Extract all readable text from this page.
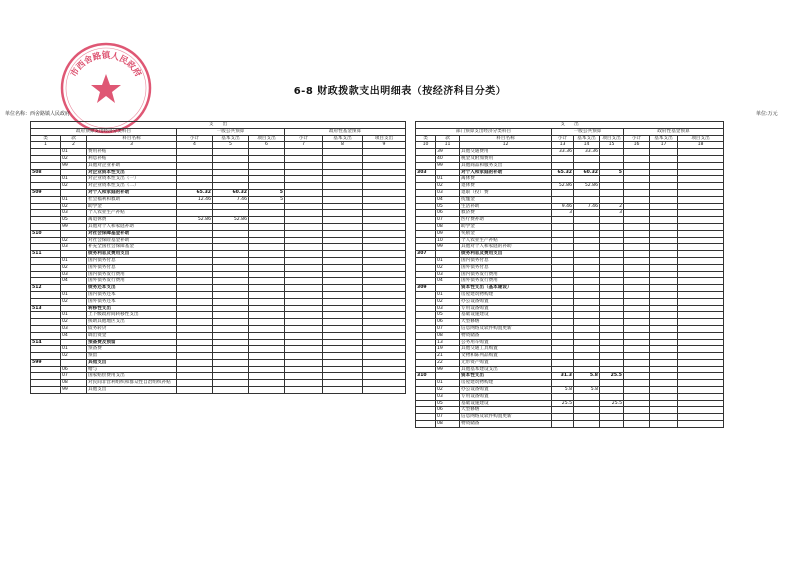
市西舍路镇人民政府
6-8 财政拨款支出明细表（按经济科目分类）
单位名称：西舍路镇人民政府	单位:万元
支　　出								
政府预算支出经济分类科目			一般公共预算			政府性基金预算		

类	款	科目名称	小计	基本支出	项目支出	小计	基本支出	项目支出
1	2	3	4	5	6	7	8	9
	01	费用补贴						
	02	利息补贴						
	99	其他对企业补助						
508		对企业资本性支出						
	01	对企业资本性支出（一）						
	02	对企业资本性支出（二）						
509		对个人和家庭的补助	65.32	60.32	5			
	01	社会福利和救助	12.46	7.46	5			
	02	助学金						
	03	个人农业生产补贴						
	05	离退休费	52.86	52.86				
	99	其他对个人和家庭补助						
510		对社会保障基金补助						
	02	对社会保险基金补助						
	03	补充全国社会保障基金						
511		债务利息及费用支出						
	01	国内债务付息						
	02	国外债务付息						
	03	国内债务发行费用						
	04	国外债务发行费用						
512		债务还本支出						
	01	国内债务还本						
	02	国外债务还本						
513		转移性支出						
	01	上下级政府间转移性支出						
	02	援助其他地区支出						
	03	债务转贷						
	04	调出资金						
514		预备费及预留						
	01	预备费						
	02	预留						
599		其他支出						
	06	赠与						
	07	国家赔偿费用支出						
	08	对民间非营利组织和群众性自治组织补贴						
	99	其他支出						
支　　出								
部门预算支出经济分类科目			一般公共预算			政府性基金预算		

类	款	科目名称	小计	基本支出	项目支出	小计	基本支出	项目支出
10	11	12	13	14	15	16	17	18
	39	其他交通费用	33.36	33.36				
	40	税金及附加费用						
	99	其他商品和服务支出						
303		对个人和家庭的补助	65.32	60.32	5			
	01	离休费						
	02	退休费	52.86	52.86				
	03	退职（役）费						
	04	抚恤金						
	05	生活补助	9.46	7.46	2			
	06	救济费	3		3			
	07	医疗费补助						
	08	助学金						
	09	奖励金						
	10	个人农业生产补贴						
	99	其他对个人和家庭的补助						
307		债务利息及费用支出						
	01	国内债务付息						
	02	国外债务付息						
	03	国内债务发行费用						
	04	国外债务发行费用						
309		资本性支出（基本建设）						
	01	房屋建筑物购建						
	02	办公设备购置						
	03	专用设备购置						
	05	基础设施建设						
	06	大型修缮						
	07	信息网络及软件购置更新						
	08	物资储备						
	13	公务用车购置						
	19	其他交通工具购置						
	21	文物和陈列品购置						
	22	无形资产购置						
	99	其他基本建设支出						
310		资本性支出	31.3	5.8	25.5			
	01	房屋建筑物购建						
	02	办公设备购置	5.8	5.8				
	03	专用设备购置						
	05	基础设施建设	25.5		25.5			
	06	大型修缮						
	07	信息网络及软件购置更新						
	08	物资储备						
